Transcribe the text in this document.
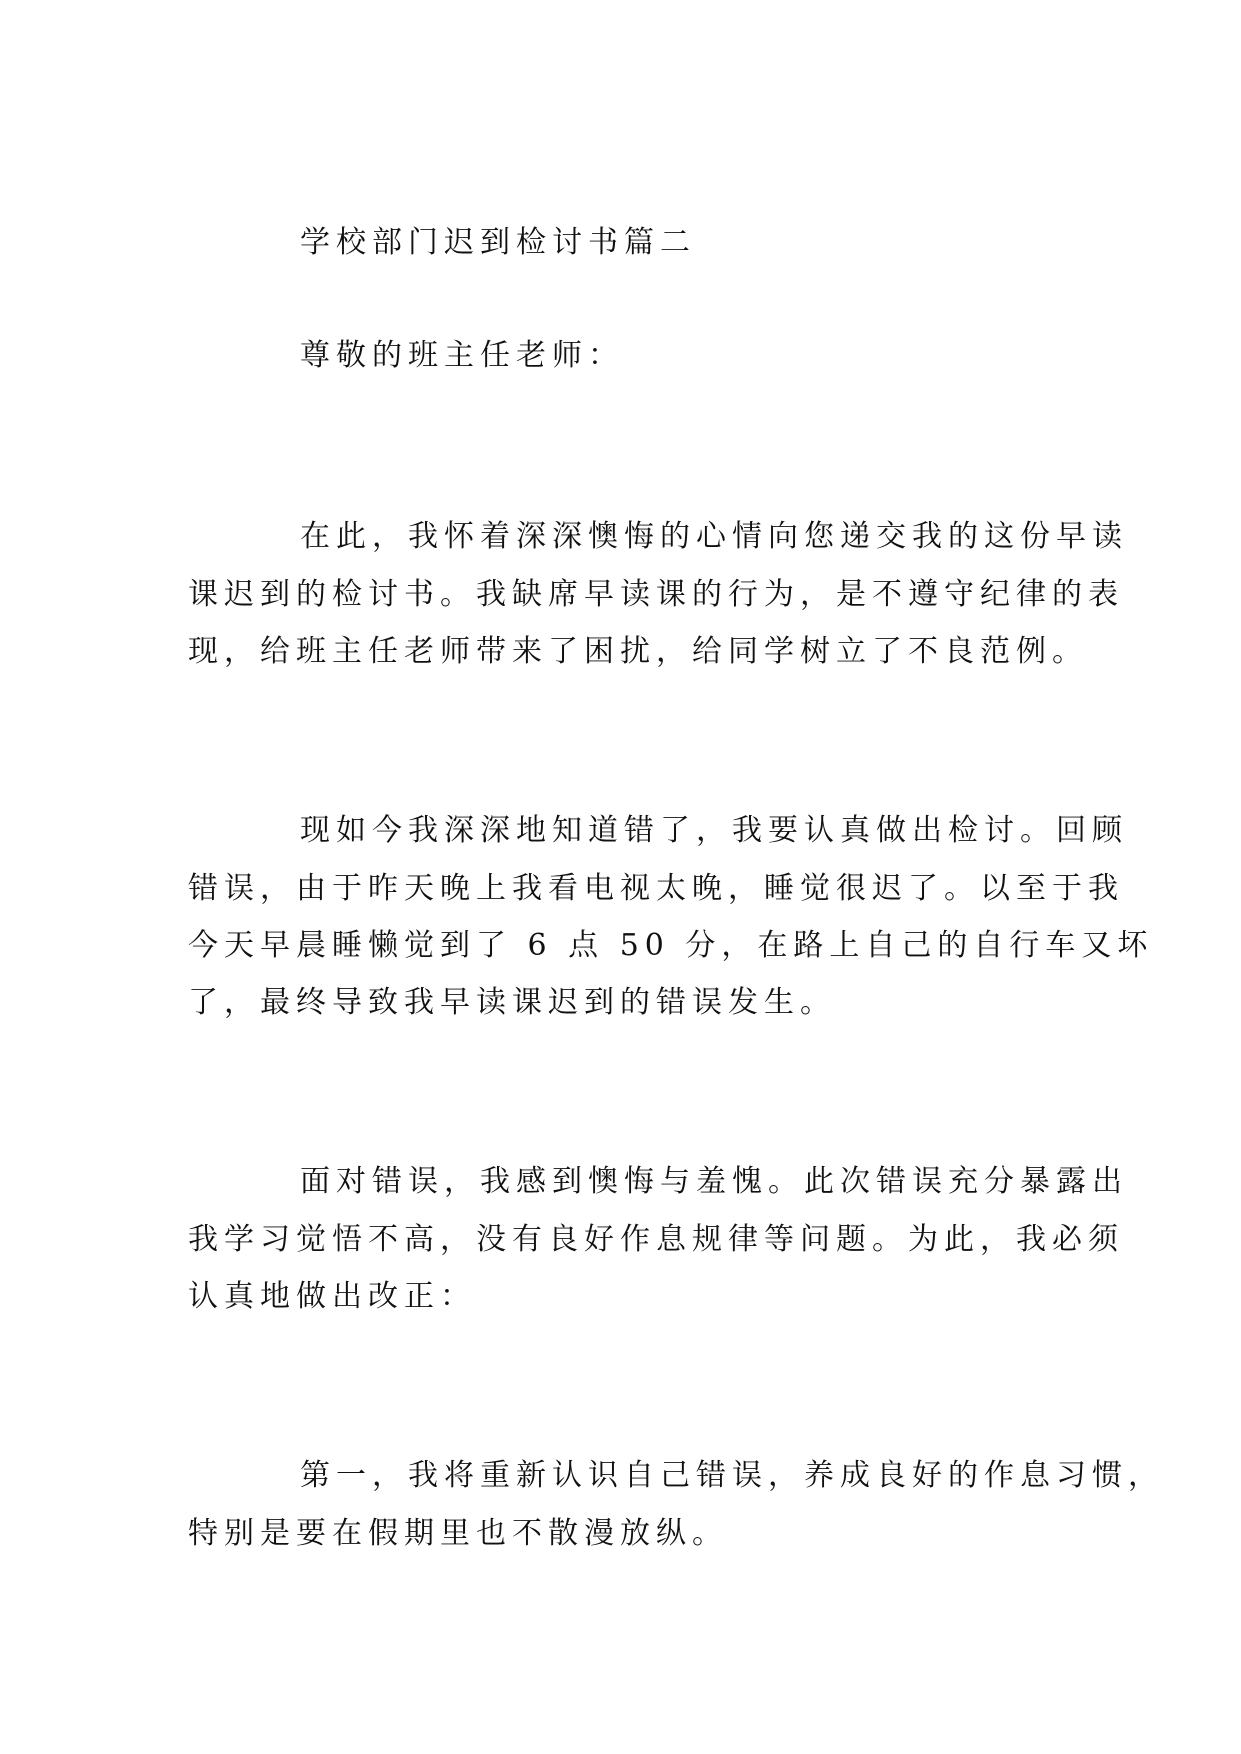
学校部门迟到检讨书篇二
尊敬的班主任老师：
在此，我怀着深深懊悔的心情向您递交我的这份早读
课迟到的检讨书。我缺席早读课的行为，是不遵守纪律的表
现，给班主任老师带来了困扰，给同学树立了不良范例。
现如今我深深地知道错了，我要认真做出检讨。回顾
错误，由于昨天晚上我看电视太晚，睡觉很迟了。以至于我
今天早晨睡懒觉到了 6 点 50 分，在路上自己的自行车又坏
了，最终导致我早读课迟到的错误发生。
面对错误，我感到懊悔与羞愧。此次错误充分暴露出
我学习觉悟不高，没有良好作息规律等问题。为此，我必须
认真地做出改正：
第一，我将重新认识自己错误，养成良好的作息习惯，
特别是要在假期里也不散漫放纵。
